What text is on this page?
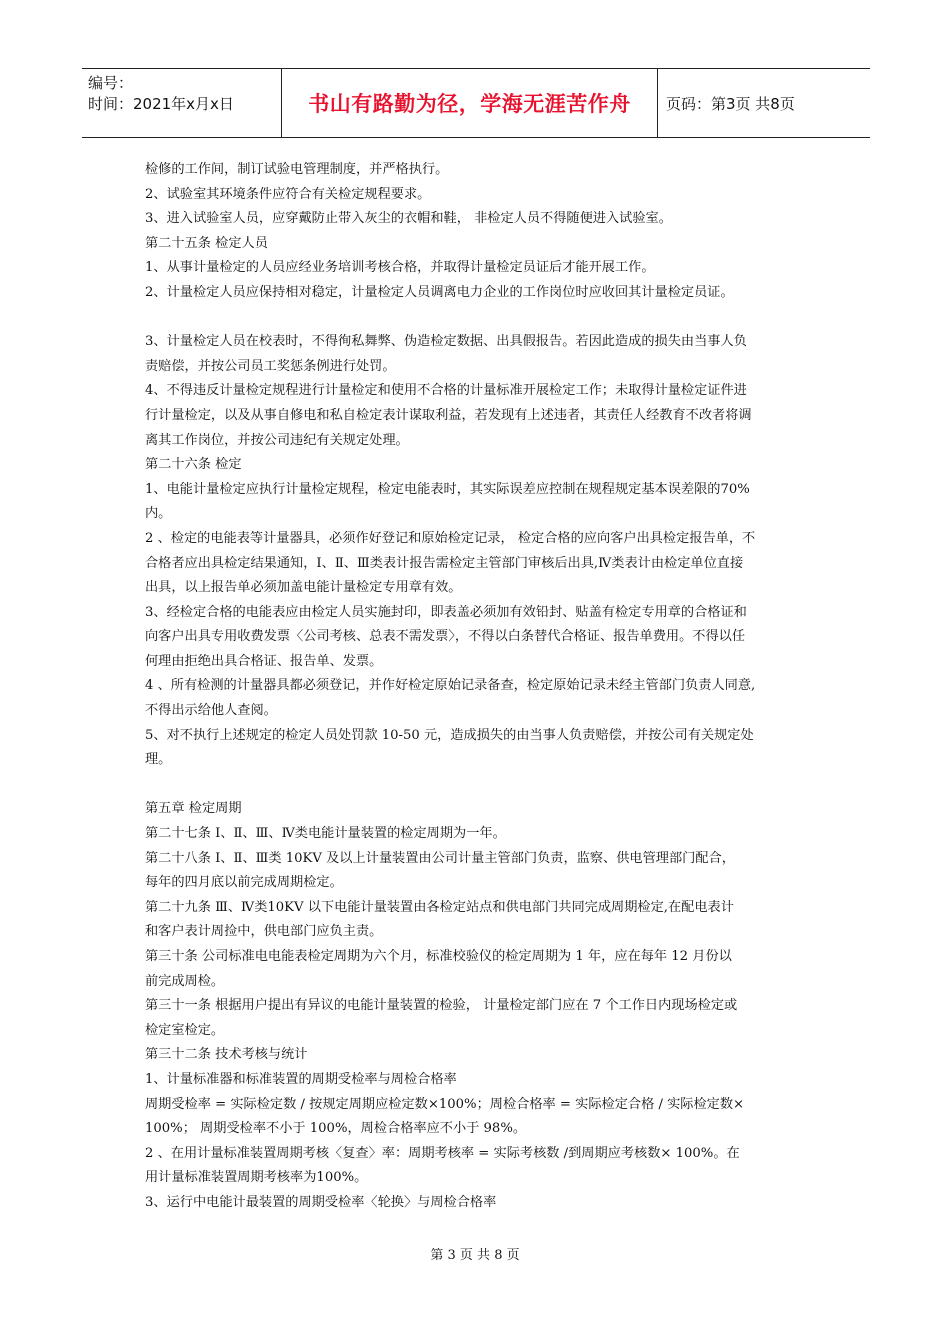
编号：
时间：2021年x月x日	书山有路勤为径，学海无涯苦作舟 页码：第3页 共8页

检修的工作间，制订试验电管理制度，并严格执行。

2、试验室其环境条件应符合有关检定规程要求。

3、进入试验室人员，应穿戴防止带入灰尘的衣帽和鞋， 非检定人员不得随便进入试验室。

第二十五条 检定人员

1、从事计量检定的人员应经业务培训考核合格，并取得计量检定员证后才能开展工作。

2、计量检定人员应保持相对稳定，计量检定人员调离电力企业的工作岗位时应收回其计量检定员证。

3、计量检定人员在校表时，不得徇私舞弊、伪造检定数据、出具假报告。若因此造成的损失由当事人负

责赔偿，并按公司员工奖惩条例进行处罚。

4、不得违反计量检定规程进行计量检定和使用不合格的计量标准开展检定工作；未取得计量检定证件进

行计量检定，以及从事自修电和私自检定表计谋取利益，若发现有上述违者，其责任人经教育不改者将调

离其工作岗位，并按公司违纪有关规定处理。

第二十六条 检定

1、电能计量检定应执行计量检定规程，检定电能表时，其实际误差应控制在规程规定基本误差限的70%

内。

2 、检定的电能表等计量器具，必须作好登记和原始检定记录， 检定合格的应向客户出具检定报告单，不

合格者应出具检定结果通知，Ⅰ、Ⅱ、Ⅲ类表计报告需检定主管部门审核后出具,Ⅳ类表计由检定单位直接

出具，以上报告单必须加盖电能计量检定专用章有效。

3、经检定合格的电能表应由检定人员实施封印，即表盖必须加有效铅封、贴盖有检定专用章的合格证和

向客户出具专用收费发票〈公司考核、总表不需发票〉，不得以白条替代合格证、报告单费用。不得以任

何理由拒绝出具合格证、报告单、发票。

4 、所有检测的计量器具都必须登记，并作好检定原始记录备查，检定原始记录未经主管部门负责人同意,

不得出示给他人查阅。

5、对不执行上述规定的检定人员处罚款 10-50 元，造成损失的由当事人负责赔偿，并按公司有关规定处

理。

第五章 检定周期

第二十七条 Ⅰ、Ⅱ、Ⅲ、Ⅳ类电能计量装置的检定周期为一年。

第二十八条 Ⅰ、Ⅱ、Ⅲ类 10KV 及以上计量装置由公司计量主管部门负责，监察、供电管理部门配合，

每年的四月底以前完成周期检定。

第二十九条 Ⅲ、Ⅳ类10KV 以下电能计量装置由各检定站点和供电部门共同完成周期检定,在配电表计

和客户表计周捡中，供电部门应负主责。

第三十条 公司标准电电能表检定周期为六个月，标准校验仪的检定周期为 1 年，应在每年 12 月份以

前完成周检。

第三十一条 根据用户提出有异议的电能计量装置的检验， 计量检定部门应在 7 个工作日内现场检定或

检定室检定。

第三十二条 技术考核与统计

1、计量标准器和标准装置的周期受检率与周检合格率

周期受检率 = 实际检定数 / 按规定周期应检定数×100%；周检合格率 = 实际检定合格 / 实际检定数×

100%； 周期受检率不小于 100%，周检合格率应不小于 98%。

2 、在用计量标准装置周期考核〈复查〉率：周期考核率 = 实际考核数 /到周期应考核数× 100%。在

用计量标准装置周期考核率为100%。

3、运行中电能计最装置的周期受检率〈轮换〉与周检合格率

第 3 页 共 8 页
